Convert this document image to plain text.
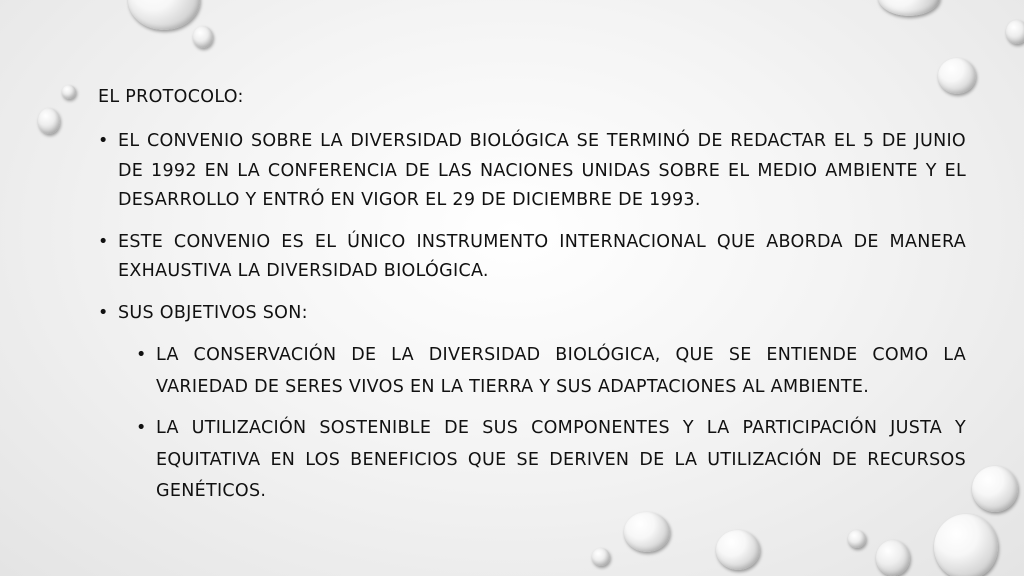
EL PROTOCOLO:
• EL CONVENIO SOBRE LA DIVERSIDAD BIOLÓGICA SE TERMINÓ DE REDACTAR EL 5 DE JUNIO DE 1992 EN LA CONFERENCIA DE LAS NACIONES UNIDAS SOBRE EL MEDIO AMBIENTE Y EL DESARROLLO Y ENTRÓ EN VIGOR EL 29 DE DICIEMBRE DE 1993.
• ESTE CONVENIO ES EL ÚNICO INSTRUMENTO INTERNACIONAL QUE ABORDA DE MANERA EXHAUSTIVA LA DIVERSIDAD BIOLÓGICA.
• SUS OBJETIVOS SON:
• LA CONSERVACIÓN DE LA DIVERSIDAD BIOLÓGICA, QUE SE ENTIENDE COMO LA VARIEDAD DE SERES VIVOS EN LA TIERRA Y SUS ADAPTACIONES AL AMBIENTE.
• LA UTILIZACIÓN SOSTENIBLE DE SUS COMPONENTES Y LA PARTICIPACIÓN JUSTA Y EQUITATIVA EN LOS BENEFICIOS QUE SE DERIVEN DE LA UTILIZACIÓN DE RECURSOS GENÉTICOS.
